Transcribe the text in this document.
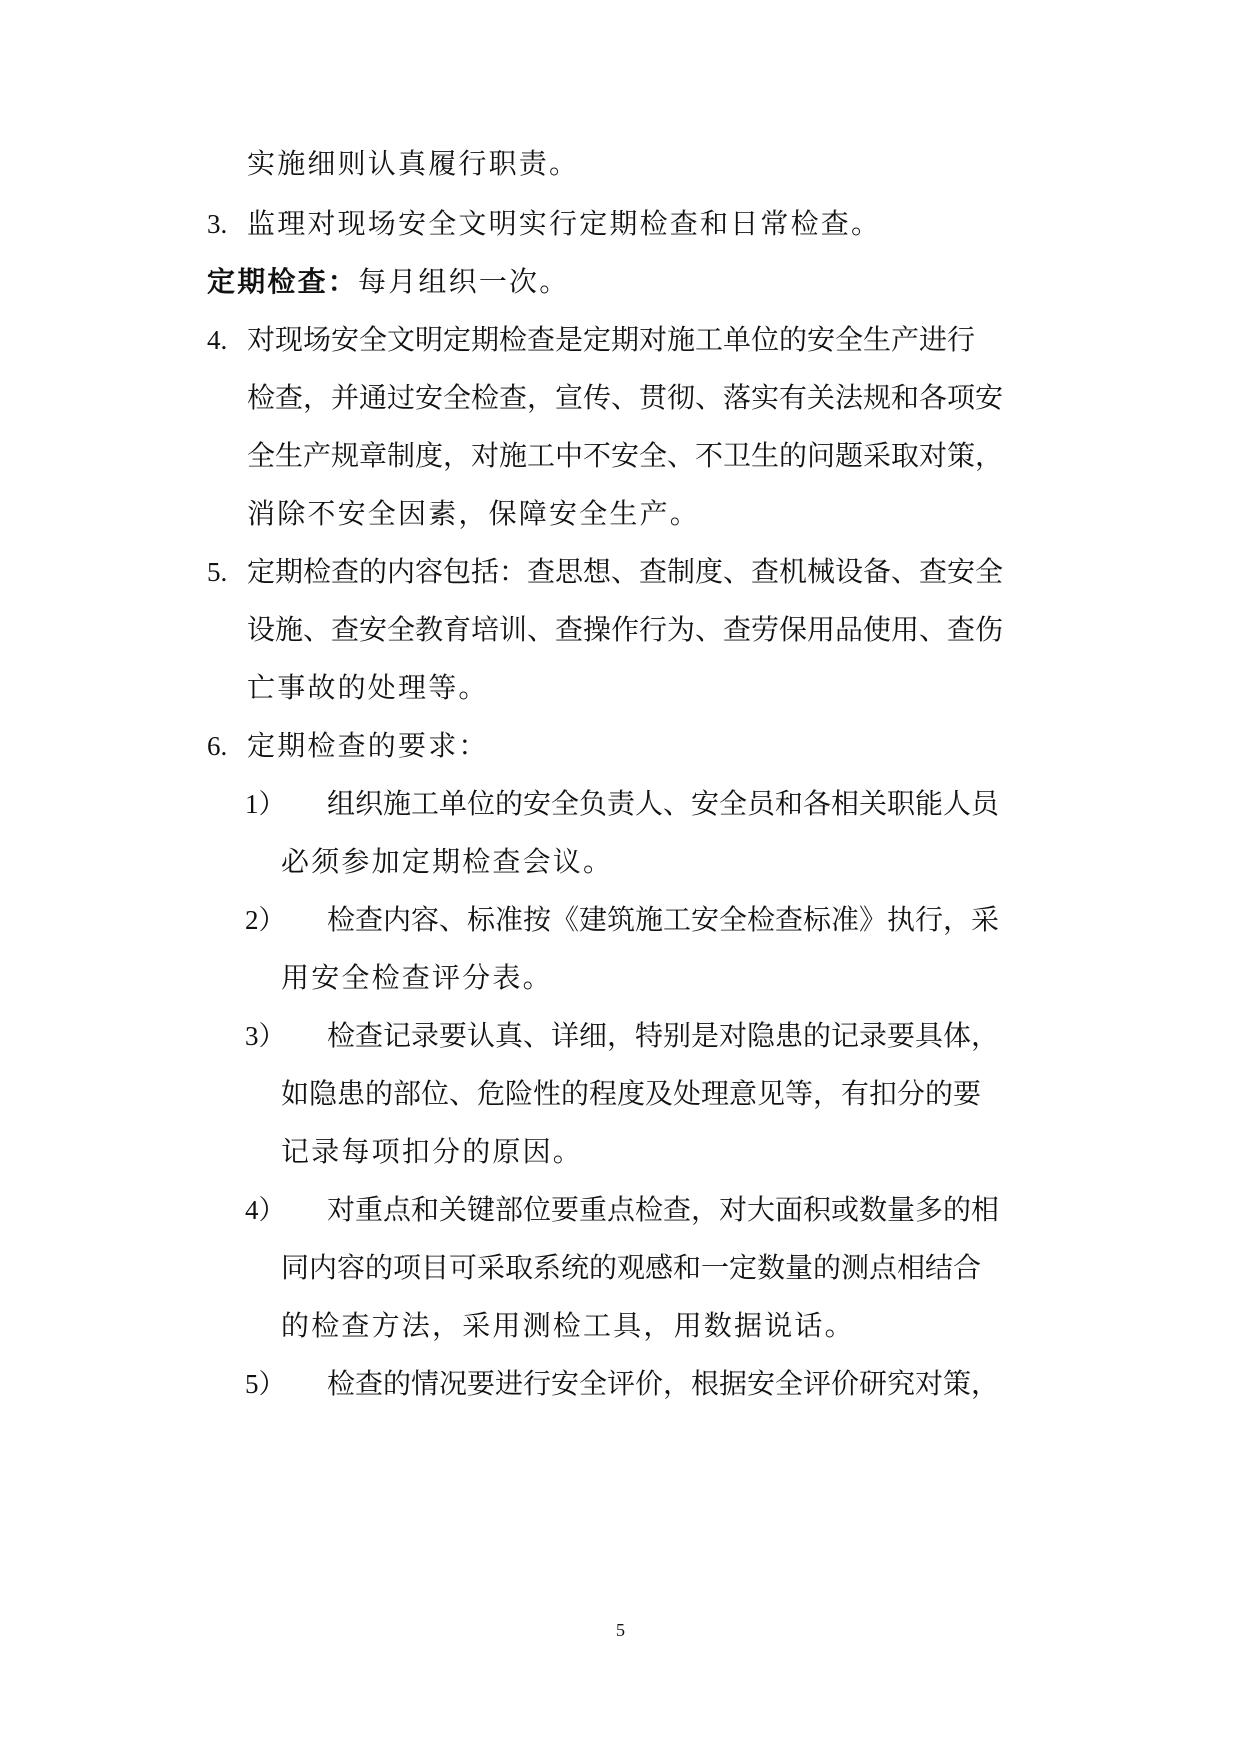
实施细则认真履行职责。
3. 监理对现场安全文明实行定期检查和日常检查。
定期检查：每月组织一次。
4. 对现场安全文明定期检查是定期对施工单位的安全生产进行
检查，并通过安全检查，宣传、贯彻、落实有关法规和各项安
全生产规章制度，对施工中不安全、不卫生的问题采取对策，
消除不安全因素，保障安全生产。
5. 定期检查的内容包括：查思想、查制度、查机械设备、查安全
设施、查安全教育培训、查操作行为、查劳保用品使用、查伤
亡事故的处理等。
6. 定期检查的要求：
1） 组织施工单位的安全负责人、安全员和各相关职能人员
必须参加定期检查会议。
2） 检查内容、标准按《建筑施工安全检查标准》执行，采
用安全检查评分表。
3） 检查记录要认真、详细，特别是对隐患的记录要具体，
如隐患的部位、危险性的程度及处理意见等，有扣分的要
记录每项扣分的原因。
4） 对重点和关键部位要重点检查，对大面积或数量多的相
同内容的项目可采取系统的观感和一定数量的测点相结合
的检查方法，采用测检工具，用数据说话。
5） 检查的情况要进行安全评价，根据安全评价研究对策，
5
